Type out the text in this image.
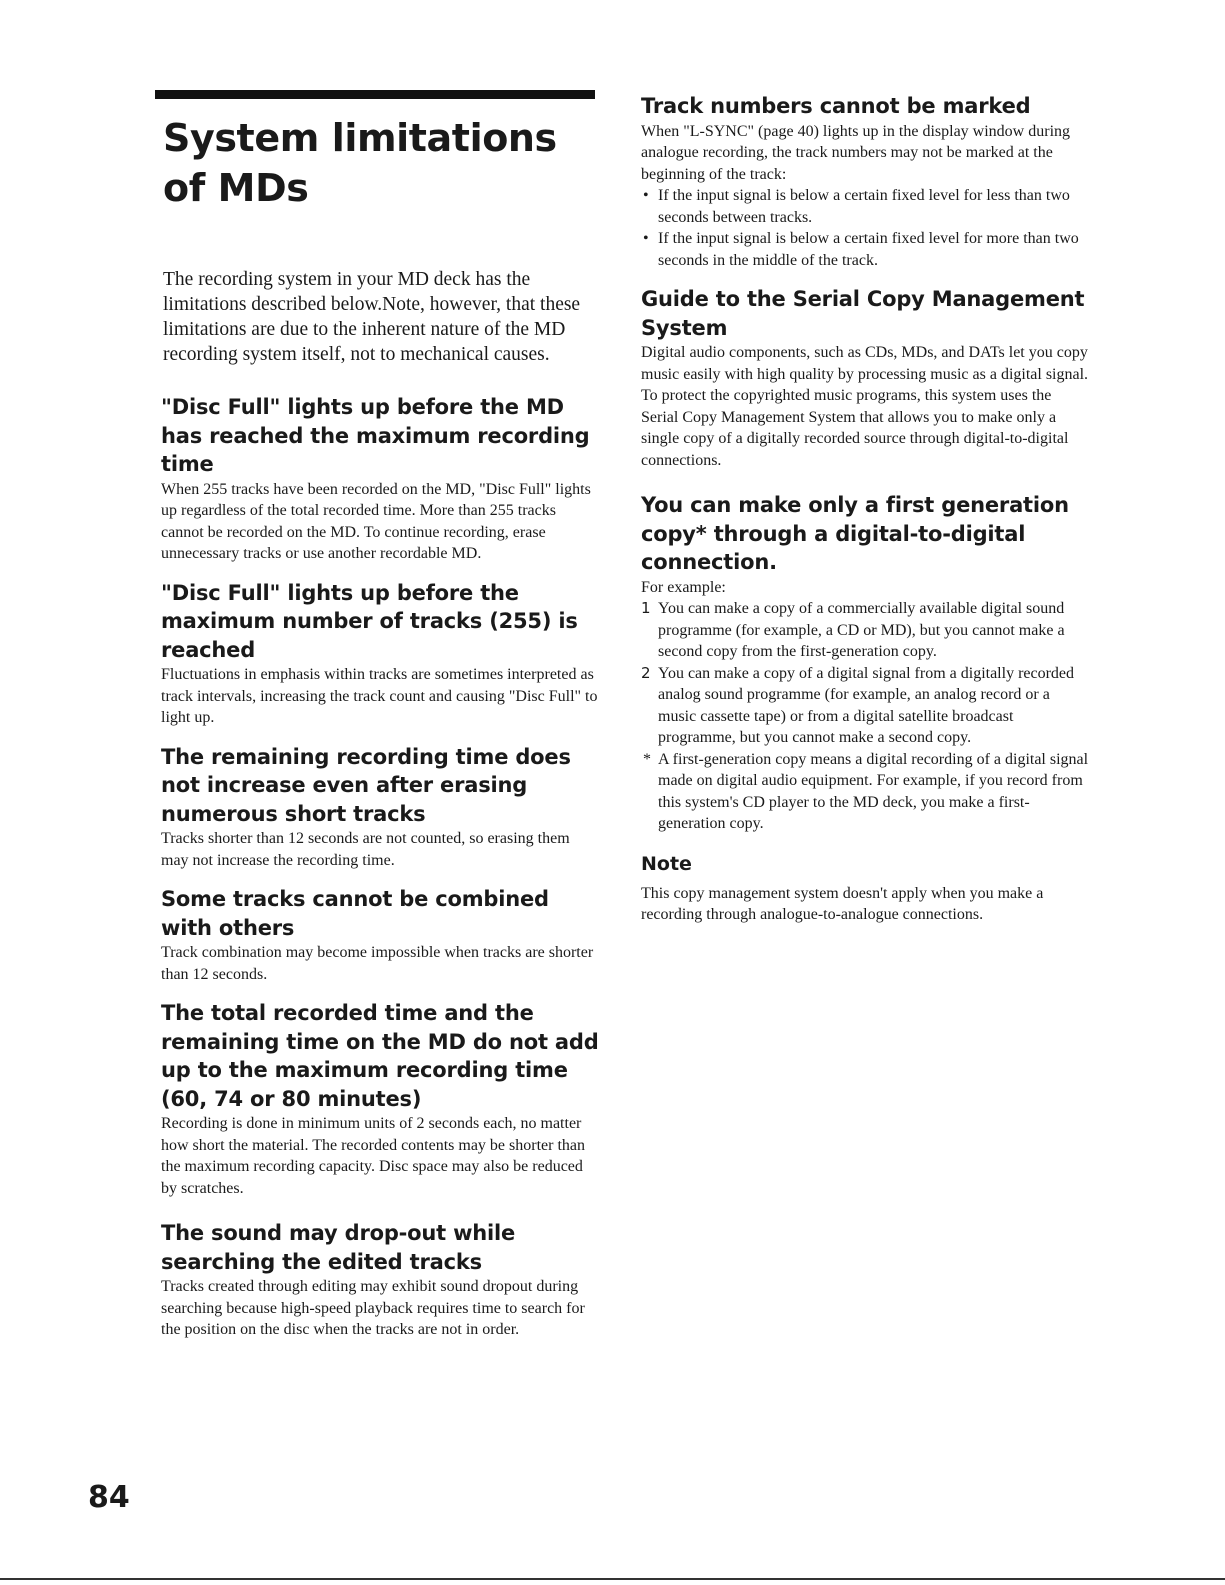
System limitations of MDs

The recording system in your MD deck has the limitations described below.Note, however, that these limitations are due to the inherent nature of the MD recording system itself, not to mechanical causes.

"Disc Full" lights up before the MD has reached the maximum recording time

When 255 tracks have been recorded on the MD, "Disc Full" lights up regardless of the total recorded time. More than 255 tracks cannot be recorded on the MD. To continue recording, erase unnecessary tracks or use another recordable MD.

"Disc Full" lights up before the maximum number of tracks (255) is reached

Fluctuations in emphasis within tracks are sometimes interpreted as track intervals, increasing the track count and causing "Disc Full" to light up.

The remaining recording time does not increase even after erasing numerous short tracks

Tracks shorter than 12 seconds are not counted, so erasing them may not increase the recording time.

Some tracks cannot be combined with others

Track combination may become impossible when tracks are shorter than 12 seconds.

The total recorded time and the remaining time on the MD do not add up to the maximum recording time (60, 74 or 80 minutes)

Recording is done in minimum units of 2 seconds each, no matter how short the material. The recorded contents may be shorter than the maximum recording capacity. Disc space may also be reduced by scratches.

The sound may drop-out while searching the edited tracks

Tracks created through editing may exhibit sound dropout during searching because high-speed playback requires time to search for the position on the disc when the tracks are not in order.

Track numbers cannot be marked

When "L-SYNC" (page 40) lights up in the display window during analogue recording, the track numbers may not be marked at the beginning of the track:

• If the input signal is below a certain fixed level for less than two seconds between tracks.
• If the input signal is below a certain fixed level for more than two seconds in the middle of the track.
Guide to the Serial Copy Management System

Digital audio components, such as CDs, MDs, and DATs let you copy music easily with high quality by processing music as a digital signal.

To protect the copyrighted music programs, this system uses the Serial Copy Management System that allows you to make only a single copy of a digitally recorded source through digital-to-digital connections.

You can make only a first generation copy* through a digital-to-digital connection.

For example:

1 You can make a copy of a commercially available digital sound programme (for example, a CD or MD), but you cannot make a second copy from the first-generation copy.
2 You can make a copy of a digital signal from a digitally recorded analog sound programme (for example, an analog record or a music cassette tape) or from a digital satellite broadcast programme, but you cannot make a second copy.

* A first-generation copy means a digital recording of a digital signal made on digital audio equipment. For example, if you record from this system's CD player to the MD deck, you make a first-generation copy.

Note

This copy management system doesn't apply when you make a recording through analogue-to-analogue connections.

84
